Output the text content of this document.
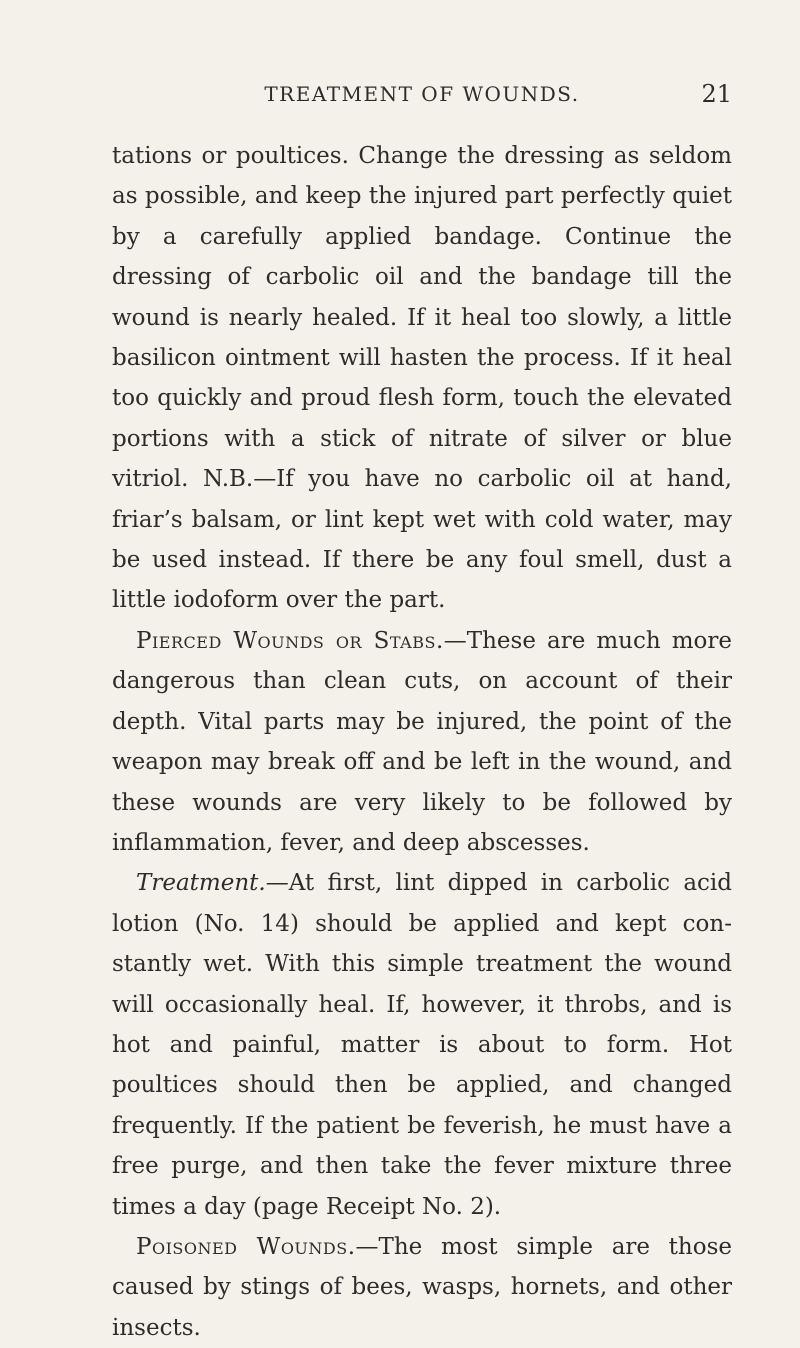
TREATMENT OF WOUNDS.	21

tations or poultices. Change the dressing as seldom as possible, and keep the injured part perfectly quiet by a carefully applied bandage. Continue the dressing of carbolic oil and the bandage till the wound is nearly healed. If it heal too slowly, a little basilicon ointment will hasten the process. If it heal too quickly and proud flesh form, touch the elevated portions with a stick of nitrate of silver or blue vitriol. N.B.—If you have no carbolic oil at hand, friar’s balsam, or lint kept wet with cold water, may be used instead. If there be any foul smell, dust a little iodoform over the part.

Pierced Wounds or Stabs.—These are much more dangerous than clean cuts, on account of their depth. Vital parts may be injured, the point of the weapon may break off and be left in the wound, and these wounds are very likely to be followed by inflammation, fever, and deep abscesses.

Treatment.—At first, lint dipped in carbolic acid lotion (No. 14) should be applied and kept constantly wet. With this simple treatment the wound will occasionally heal. If, however, it throbs, and is hot and painful, matter is about to form. Hot poultices should then be applied, and changed frequently. If the patient be feverish, he must have a free purge, and then take the fever mixture three times a day (page Receipt No. 2).

Poisoned Wounds.—The most simple are those caused by stings of bees, wasps, hornets, and other insects.
